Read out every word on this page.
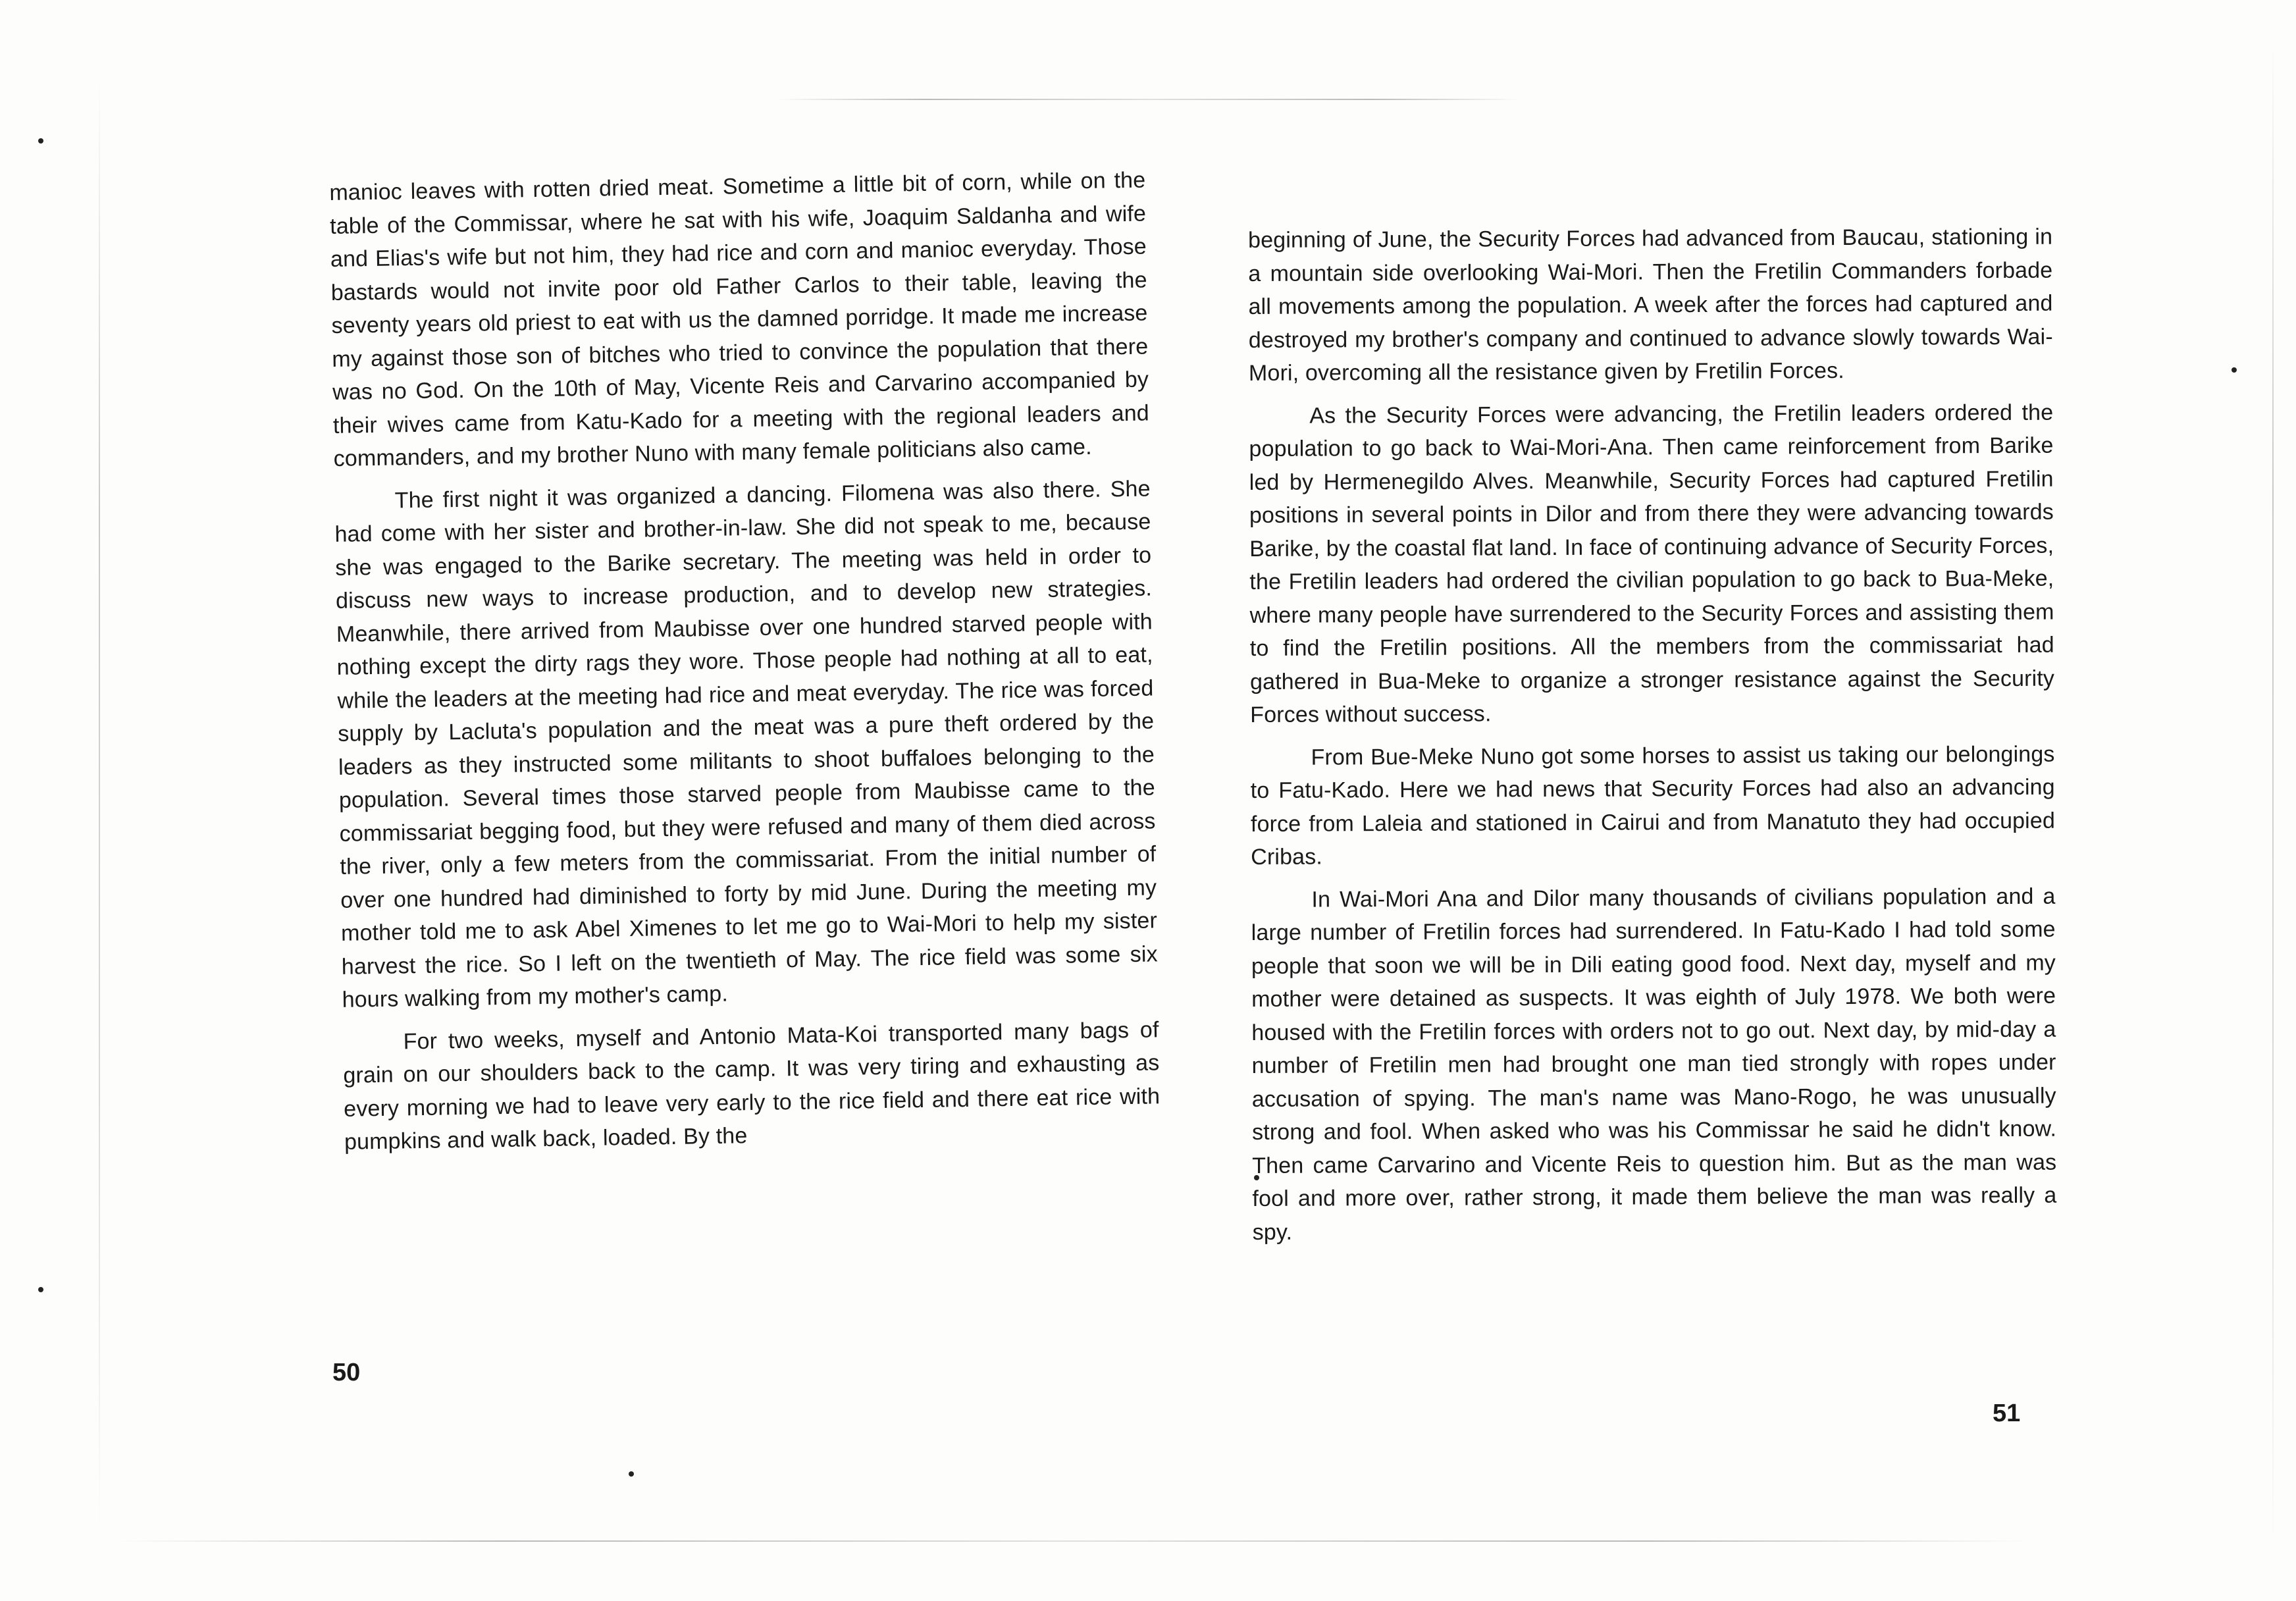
manioc leaves with rotten dried meat. Sometime a little bit of corn, while on the table of the Commissar, where he sat with his wife, Joaquim Saldanha and wife and Elias's wife but not him, they had rice and corn and manioc everyday. Those bastards would not invite poor old Father Carlos to their table, leaving the seventy years old priest to eat with us the damned porridge. It made me increase my against those son of bitches who tried to convince the population that there was no God. On the 10th of May, Vicente Reis and Carvarino accompanied by their wives came from Katu-Kado for a meeting with the regional leaders and commanders, and my brother Nuno with many female politicians also came.

The first night it was organized a dancing. Filomena was also there. She had come with her sister and brother-in-law. She did not speak to me, because she was engaged to the Barike secretary. The meeting was held in order to discuss new ways to increase production, and to develop new strategies. Meanwhile, there arrived from Maubisse over one hundred starved people with nothing except the dirty rags they wore. Those people had nothing at all to eat, while the leaders at the meeting had rice and meat everyday. The rice was forced supply by Lacluta's population and the meat was a pure theft ordered by the leaders as they instructed some militants to shoot buffaloes belonging to the population. Several times those starved people from Maubisse came to the commissariat begging food, but they were refused and many of them died across the river, only a few meters from the commissariat. From the initial number of over one hundred had diminished to forty by mid June. During the meeting my mother told me to ask Abel Ximenes to let me go to Wai-Mori to help my sister harvest the rice. So I left on the twentieth of May. The rice field was some six hours walking from my mother's camp.

For two weeks, myself and Antonio Mata-Koi transported many bags of grain on our shoulders back to the camp. It was very tiring and exhausting as every morning we had to leave very early to the rice field and there eat rice with pumpkins and walk back, loaded. By the

50

beginning of June, the Security Forces had advanced from Baucau, stationing in a mountain side overlooking Wai-Mori. Then the Fretilin Commanders forbade all movements among the population. A week after the forces had captured and destroyed my brother's company and continued to advance slowly towards Wai-Mori, overcoming all the resistance given by Fretilin Forces.

As the Security Forces were advancing, the Fretilin leaders ordered the population to go back to Wai-Mori-Ana. Then came reinforcement from Barike led by Hermenegildo Alves. Meanwhile, Security Forces had captured Fretilin positions in several points in Dilor and from there they were advancing towards Barike, by the coastal flat land. In face of continuing advance of Security Forces, the Fretilin leaders had ordered the civilian population to go back to Bua-Meke, where many people have surrendered to the Security Forces and assisting them to find the Fretilin positions. All the members from the commissariat had gathered in Bua-Meke to organize a stronger resistance against the Security Forces without success.

From Bue-Meke Nuno got some horses to assist us taking our belongings to Fatu-Kado. Here we had news that Security Forces had also an advancing force from Laleia and stationed in Cairui and from Manatuto they had occupied Cribas.

In Wai-Mori Ana and Dilor many thousands of civilians population and a large number of Fretilin forces had surrendered. In Fatu-Kado I had told some people that soon we will be in Dili eating good food. Next day, myself and my mother were detained as suspects. It was eighth of July 1978. We both were housed with the Fretilin forces with orders not to go out. Next day, by mid-day a number of Fretilin men had brought one man tied strongly with ropes under accusation of spying. The man's name was Mano-Rogo, he was unusually strong and fool. When asked who was his Commissar he said he didn't know. Then came Carvarino and Vicente Reis to question him. But as the man was fool and more over, rather strong, it made them believe the man was really a spy.

51
